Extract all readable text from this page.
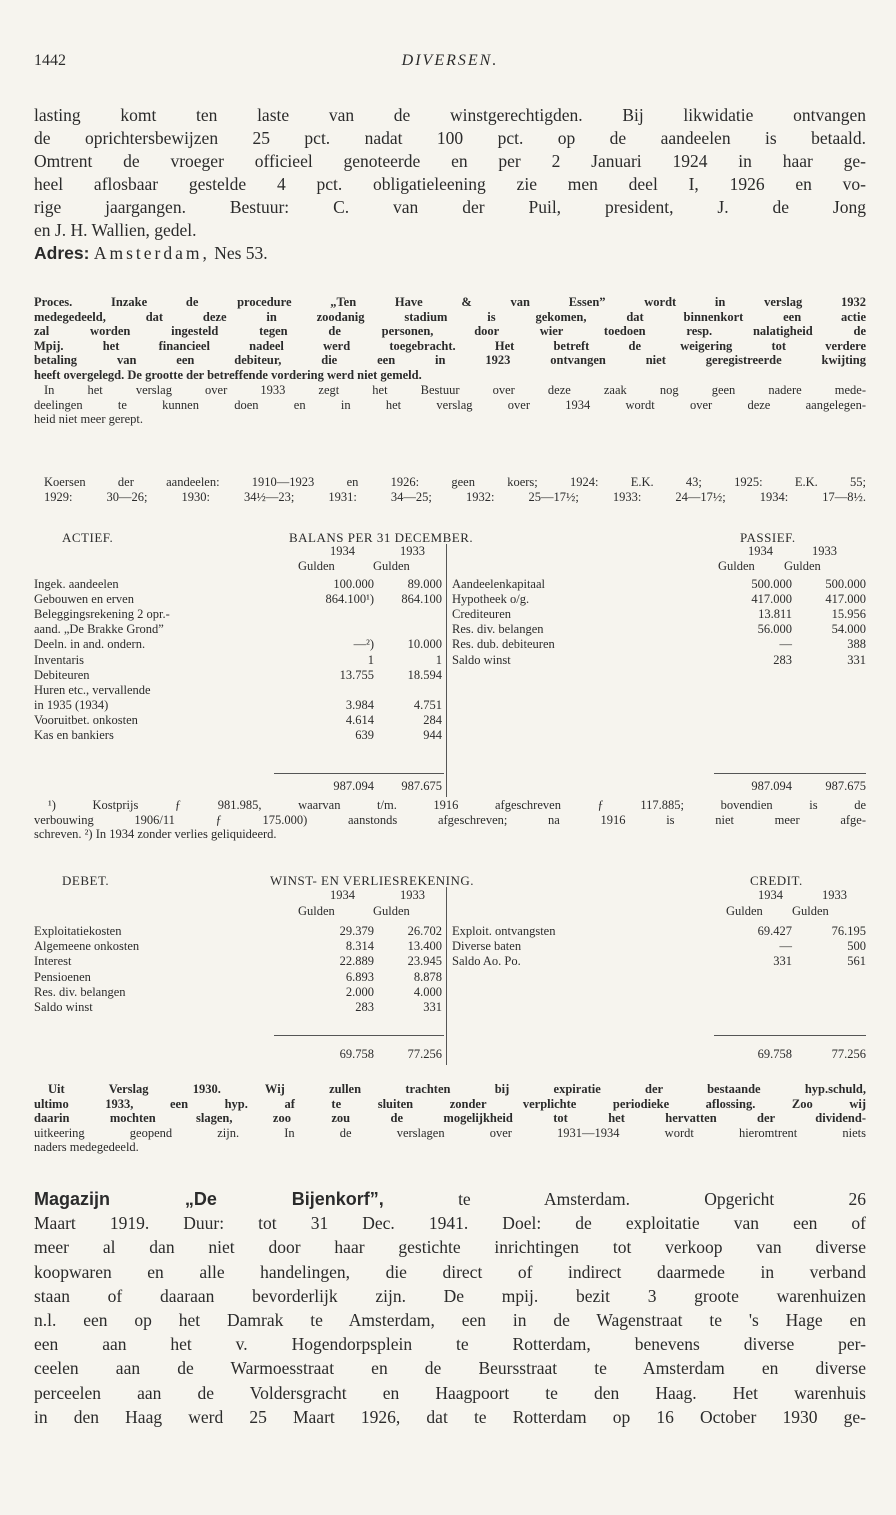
1442	DIVERSEN.
lasting komt ten laste van de winstgerechtigden. Bij likwidatie ontvangen
de oprichtersbewijzen 25 pct. nadat 100 pct. op de aandeelen is betaald.
Omtrent de vroeger officieel genoteerde en per 2 Januari 1924 in haar ge-
heel aflosbaar gestelde 4 pct. obligatieleening zie men deel I, 1926 en vo-
rige jaargangen. Bestuur: C. van der Puil, president, J. de Jong
en J. H. Wallien, gedel.
Adres: Amsterdam, Nes 53.
Proces. Inzake de procedure „Ten Have & van Essen” wordt in verslag 1932
medegedeeld, dat deze in zoodanig stadium is gekomen, dat binnenkort een actie
zal worden ingesteld tegen de personen, door wier toedoen resp. nalatigheid de
Mpij. het financieel nadeel werd toegebracht. Het betreft de weigering tot verdere
betaling van een debiteur, die een in 1923 ontvangen niet geregistreerde kwijting
heeft overgelegd. De grootte der betreffende vordering werd niet gemeld.
In het verslag over 1933 zegt het Bestuur over deze zaak nog geen nadere mede-
deelingen te kunnen doen en in het verslag over 1934 wordt over deze aangelegen-
heid niet meer gerept.
Koersen der aandeelen: 1910—1923 en 1926: geen koers; 1924: E.K. 43; 1925: E.K. 55;
1929: 30—26; 1930: 34½—23; 1931: 34—25; 1932: 25—17½; 1933: 24—17½; 1934: 17—8½.
ACTIEF.	BALANS PER 31 DECEMBER.	PASSIEF.
1934	1933
Gulden	Gulden
1934	1933
Gulden Gulden
Ingek. aandeelen	100.000	89.000
Gebouwen en erven	864.100¹)	864.100
Beleggingsrekening 2 opr.-
aand. „De Brakke Grond”
Deeln. in and. ondern.	—²)	10.000
Inventaris	1	1
Debiteuren	13.755	18.594
Huren etc., vervallende
in 1935 (1934)	3.984	4.751
Vooruitbet. onkosten	4.614	284
Kas en bankiers	639	944
Aandeelenkapitaal	500.000	500.000
Hypotheek o/g.	417.000	417.000
Crediteuren	13.811	15.956
Res. div. belangen	56.000	54.000
Res. dub. debiteuren	—	388
Saldo winst	283	331
987.094	987.675	987.094	987.675
¹) Kostprijs ƒ 981.985, waarvan t/m. 1916 afgeschreven ƒ 117.885; bovendien is de
verbouwing 1906/11 ƒ 175.000) aanstonds afgeschreven; na 1916 is niet meer afge-
schreven. ²) In 1934 zonder verlies geliquideerd.
DEBET.	WINST- EN VERLIESREKENING.	CREDIT.
1934	1933
Gulden	Gulden
1934	1933
Gulden Gulden
Exploitatiekosten	29.379	26.702
Algemeene onkosten	8.314	13.400
Interest	22.889	23.945
Pensioenen	6.893	8.878
Res. div. belangen	2.000	4.000
Saldo winst	283	331
Exploit. ontvangsten	69.427	76.195
Diverse baten	—	500
Saldo Ao. Po.	331	561
69.758	77.256	69.758	77.256
Uit Verslag 1930. Wij zullen trachten bij expiratie der bestaande hyp.schuld,
ultimo 1933, een hyp. af te sluiten zonder verplichte periodieke aflossing. Zoo wij
daarin mochten slagen, zoo zou de mogelijkheid tot het hervatten der dividend-
uitkeering geopend zijn. In de verslagen over 1931—1934 wordt hieromtrent niets
naders medegedeeld.
Magazijn „De Bijenkorf”,	te Amsterdam. Opgericht 26
Maart 1919. Duur: tot 31 Dec. 1941. Doel: de exploitatie van een of
meer al dan niet door haar gestichte inrichtingen tot verkoop van diverse
koopwaren en alle handelingen, die direct of indirect daarmede in verband
staan of daaraan bevorderlijk zijn. De mpij. bezit 3 groote warenhuizen
n.l. een op het Damrak te Amsterdam, een in de Wagenstraat te 's Hage en
een aan het v. Hogendorpsplein te Rotterdam, benevens diverse per-
ceelen aan de Warmoesstraat en de Beursstraat te Amsterdam en diverse
perceelen aan de Voldersgracht en Haagpoort te den Haag. Het warenhuis
in den Haag werd 25 Maart 1926, dat te Rotterdam op 16 October 1930 ge-
